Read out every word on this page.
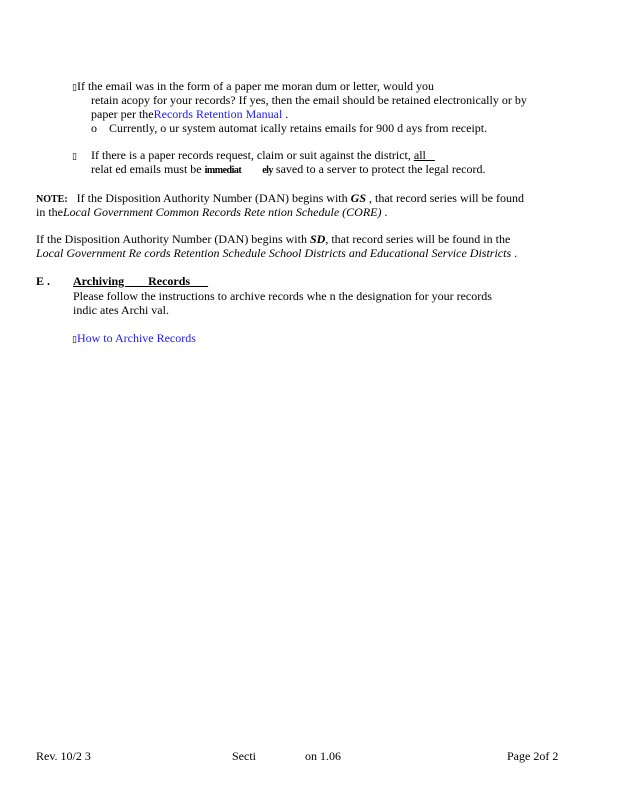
▯If the email was in the form of a paper me moran dum or letter, would you
retain acopy for your records? If yes, then the email should be retained electronically or by
paper per theRecords Retention Manual .
o Currently, o ur system automat ically retains emails for 900 d ays from receipt.
▯ If there is a paper records request, claim or suit against the district, all
relat ed emails must be immediat ely saved to a server to protect the legal record.
NOTE: If the Disposition Authority Number (DAN) begins with GS , that record series will be found
in theLocal Government Common Records Rete ntion Schedule (CORE) .
If the Disposition Authority Number (DAN) begins with SD, that record series will be found in the
Local Government Re cords Retention Schedule School Districts and Educational Service Districts .
E . Archiving        Records
Please follow the instructions to archive records whe n the designation for your records
indic ates Archi val.
▯How to Archive Records
Rev. 10/2 3	Secti	on 1.06	Page 2of 2
